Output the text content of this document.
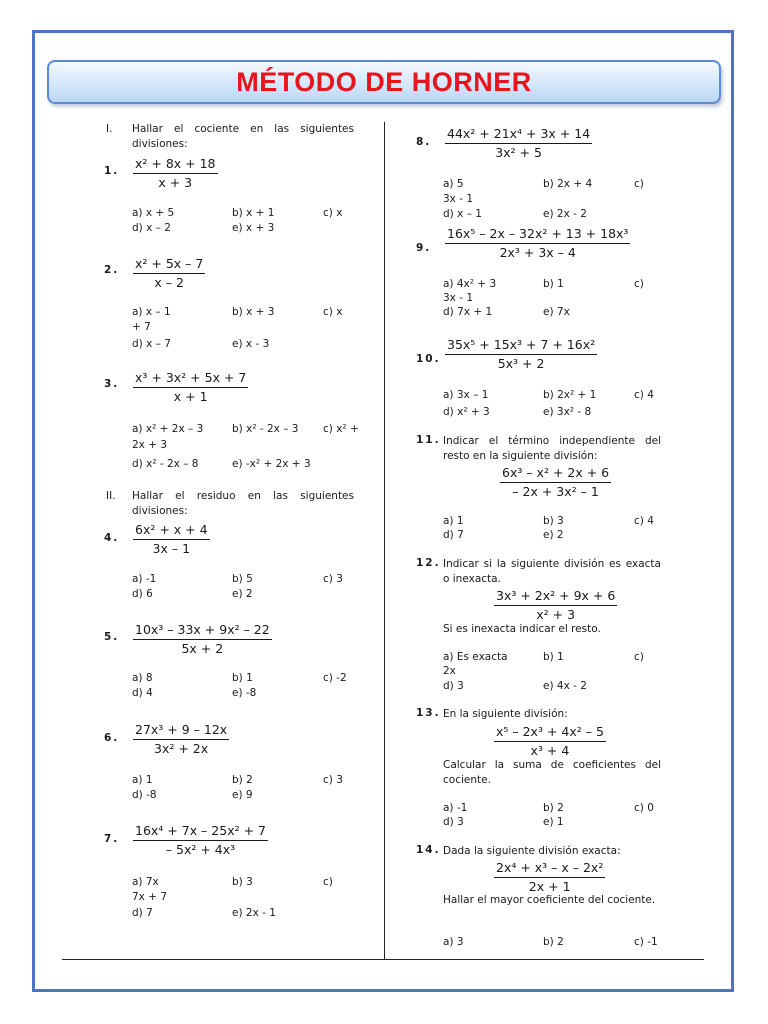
MÉTODO DE HORNER
I. Hallar el cociente en las siguientes divisiones:
1. $\frac{\text{x² + 8x + 18}}{x + 3}$
a) x + 5	b) x + 1	c) x
d) x – 2	e) x + 3
2. $\frac{\text{x² + 5x – 7}}{x - 2}$
a) x – 1	b) x + 3	c) x
+ 7
d) x – 7	e) x - 3
3. $\frac{\text{x³ + 3x² + 5x + 7}}{x + 1}$
a) x² + 2x – 3	b) x² - 2x – 3 c) x² +
2x + 3
d) x² - 2x – 8	e) -x² + 2x + 3
II. Hallar el residuo en las siguientes divisiones:
4. $\frac{\text{6x² + x + 4}}{3x - 1}$
a) -1	b) 5	c) 3
d) 6	e) 2
5. $\frac{\text{10x³ – 33x + 9x² – 22}}{5x + 2}$
a) 8	b) 1	c) -2
d) 4	e) -8
6. $\frac{\text{27x³ + 9 – 12x}}{\text{3x² + 2x}}$
a) 1	b) 2	c) 3
d) -8	e) 9
7. $\frac{\text{16x⁴ + 7x – 25x² + 7}}{\text{– 5x² + 4x³}}$
a) 7x	b) 3	c)
7x + 7
d) 7	e) 2x - 1
8. $\frac{\text{44x² + 21x⁴ + 3x + 14}}{\text{3x² + 5}}$
a) 5	b) 2x + 4	c)
3x - 1
d) x – 1	e) 2x - 2
9. $\frac{\text{16x⁵ – 2x – 32x² + 13 + 18x³}}{\text{2x³ + 3x – 4}}$
a) 4x² + 3	b) 1	c)
3x - 1
d) 7x + 1	e) 7x
10. $\frac{\text{35x⁵ + 15x³ + 7 + 16x²}}{\text{5x³ + 2}}$
a) 3x – 1	b) 2x² + 1	c) 4
d) x² + 3	e) 3x² - 8
11. Indicar el término independiente del resto en la siguiente división:
$\frac{\text{6x³ – x² + 2x + 6}}{\text{– 2x + 3x² – 1}}$
a) 1	b) 3	c) 4
d) 7	e) 2
12. Indicar si la siguiente división es exacta o inexacta.
$\frac{\text{3x³ + 2x² + 9x + 6}}{\text{x² + 3}}$
Si es inexacta indicar el resto.
a) Es exacta	b) 1	c)
2x
d) 3	e) 4x - 2
13. En la siguiente división:
$\frac{\text{x⁵ – 2x³ + 4x² – 5}}{\text{x³ + 4}}$
Calcular la suma de coeficientes del cociente.
a) -1	b) 2	c) 0
d) 3	e) 1
14. Dada la siguiente división exacta:
$\frac{\text{2x⁴ + x³ – x – 2x²}}{2x + 1}$
Hallar el mayor coeficiente del cociente.
a) 3	b) 2	c) -1
